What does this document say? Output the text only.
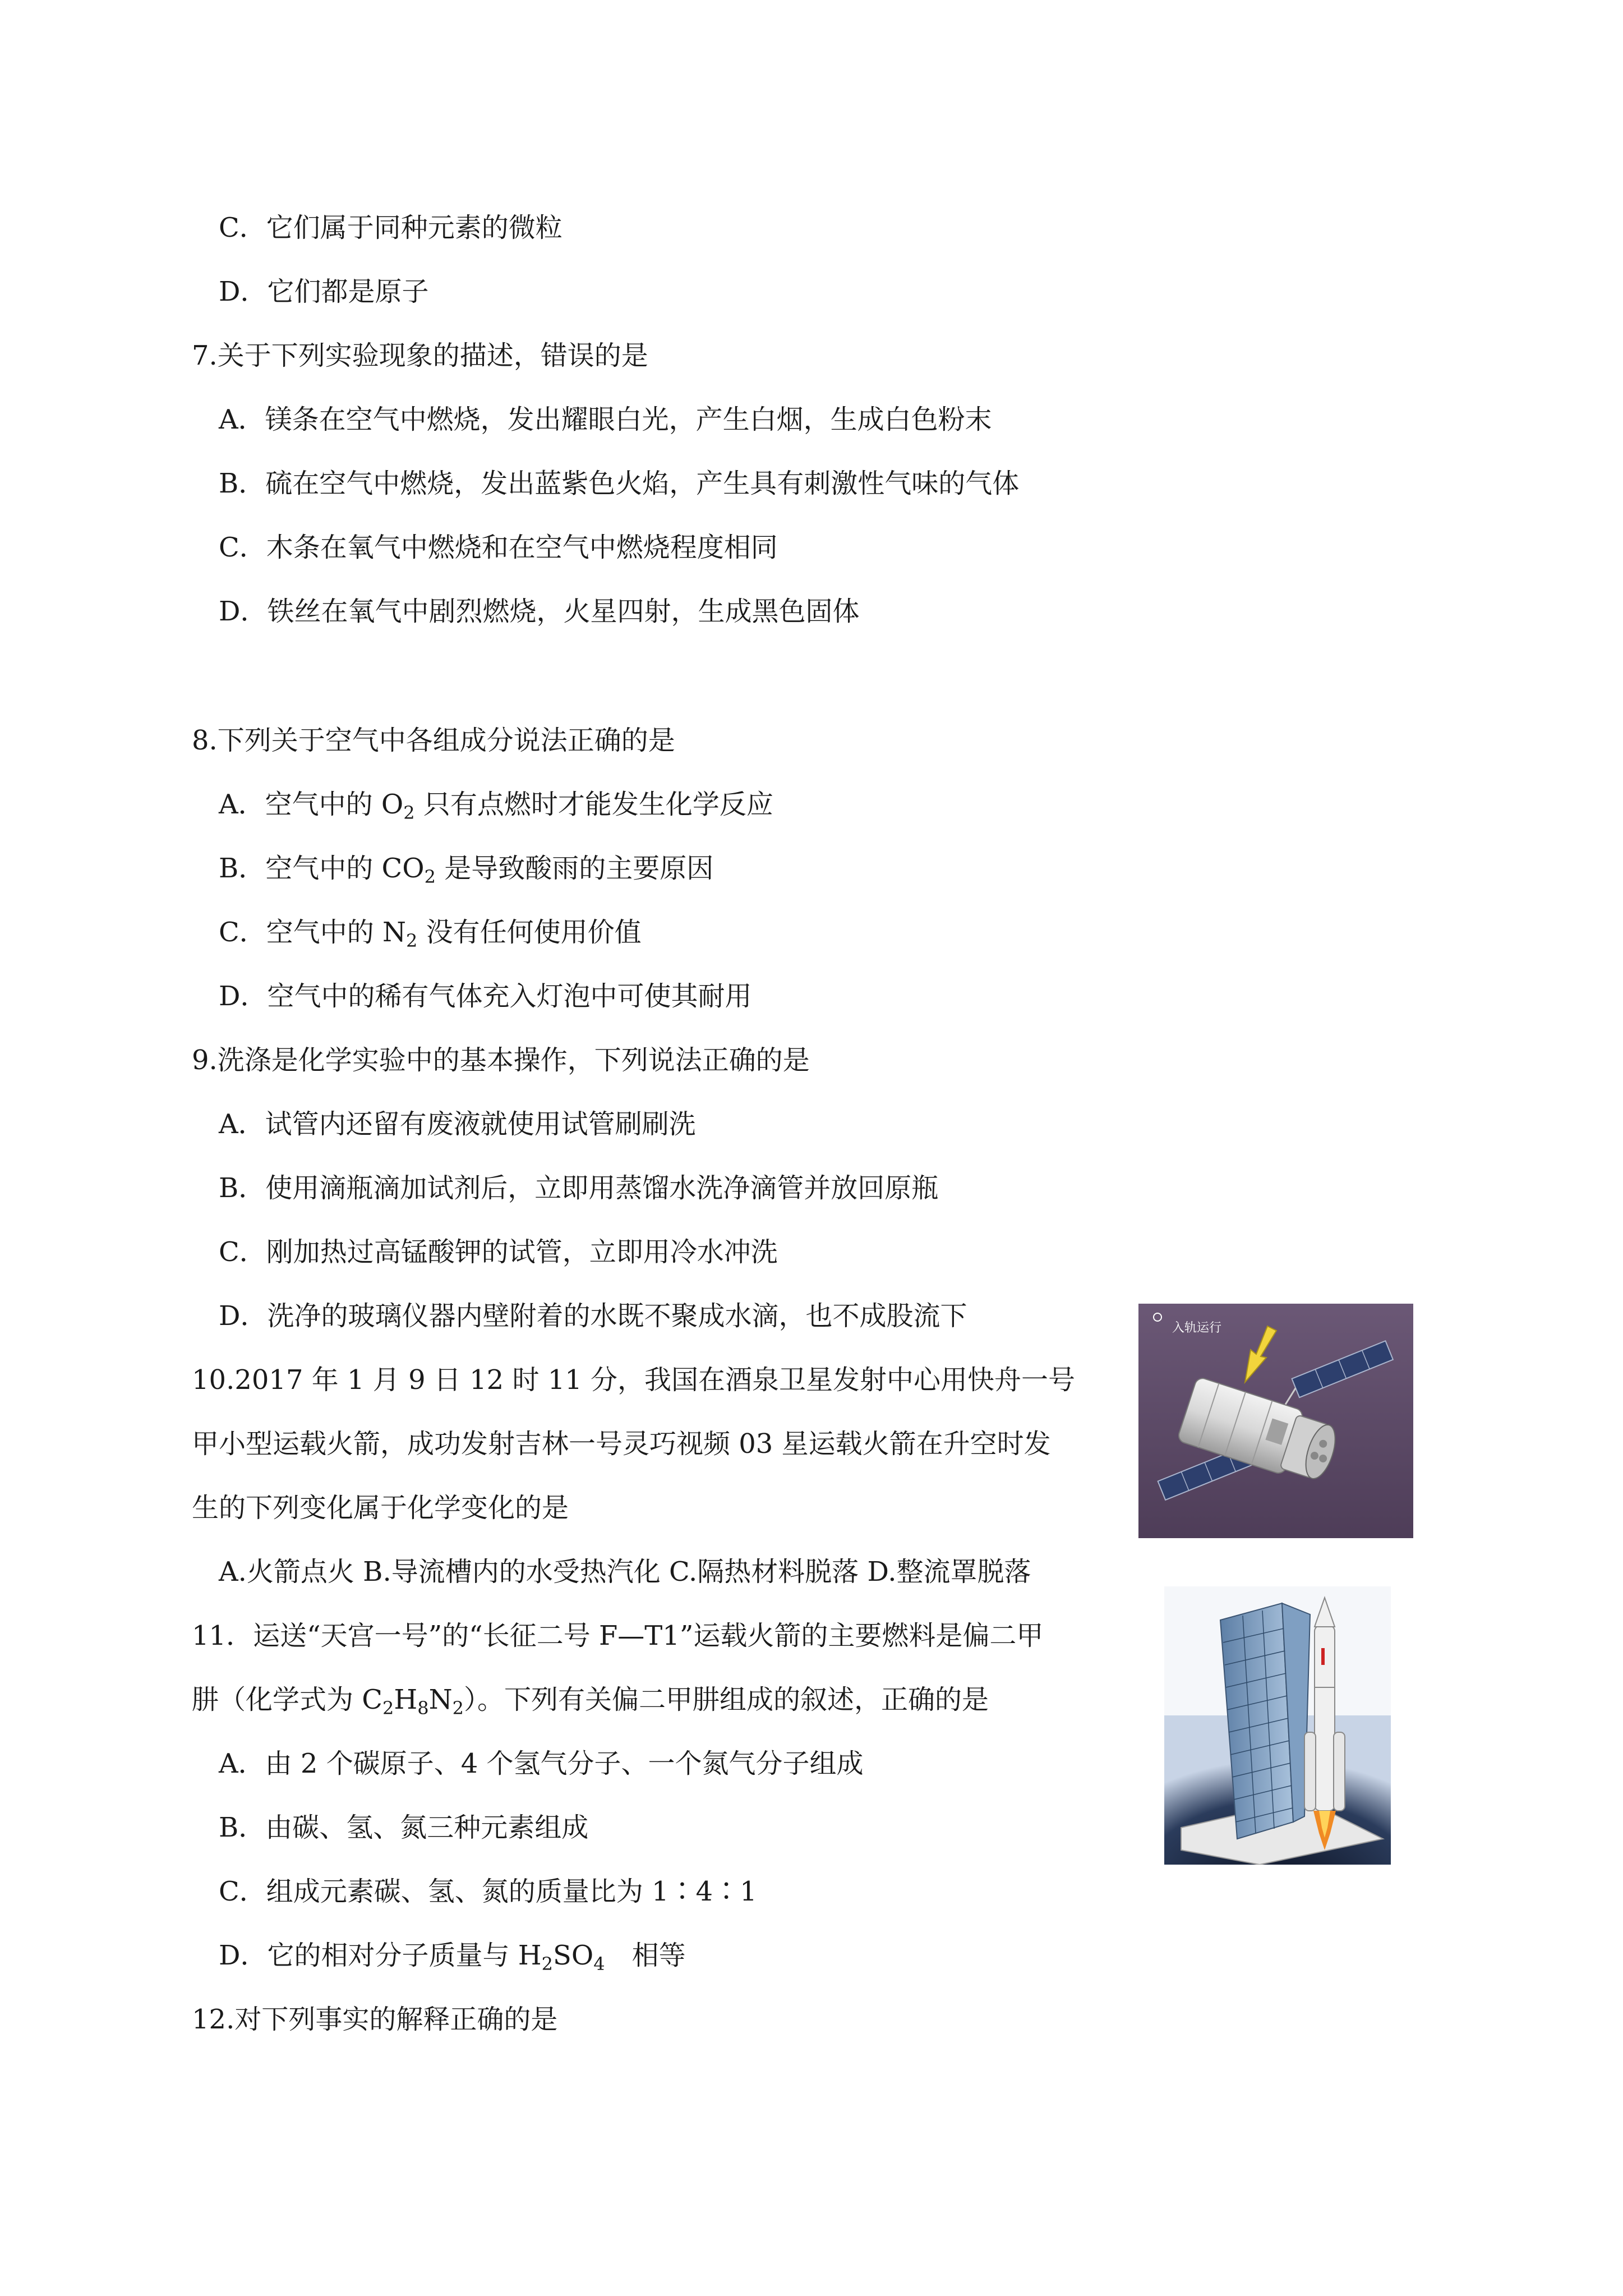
C．它们属于同种元素的微粒
D．它们都是原子
7.关于下列实验现象的描述，错误的是
A．镁条在空气中燃烧，发出耀眼白光，产生白烟，生成白色粉末
B．硫在空气中燃烧，发出蓝紫色火焰，产生具有刺激性气味的气体
C．木条在氧气中燃烧和在空气中燃烧程度相同
D．铁丝在氧气中剧烈燃烧，火星四射，生成黑色固体
8.下列关于空气中各组成分说法正确的是
A．空气中的 $O_2$ 只有点燃时才能发生化学反应
B．空气中的 $CO_2$ 是导致酸雨的主要原因
C．空气中的 $N_2$ 没有任何使用价值
D．空气中的稀有气体充入灯泡中可使其耐用
9.洗涤是化学实验中的基本操作，下列说法正确的是
A．试管内还留有废液就使用试管刷刷洗
B．使用滴瓶滴加试剂后，立即用蒸馏水洗净滴管并放回原瓶
C．刚加热过高锰酸钾的试管，立即用冷水冲洗
D．洗净的玻璃仪器内壁附着的水既不聚成水滴，也不成股流下
10.2017 年 1 月 9 日 12 时 11 分，我国在酒泉卫星发射中心用快舟一号
甲小型运载火箭，成功发射吉林一号灵巧视频 03 星运载火箭在升空时发
生的下列变化属于化学变化的是
A.火箭点火 B.导流槽内的水受热汽化 C.隔热材料脱落 D.整流罩脱落
入轨运行
11．运送“天宫一号”的“长征二号 F—T1”运载火箭的主要燃料是偏二甲
肼（化学式为 $C_2H_8N_2$）。下列有关偏二甲肼组成的叙述，正确的是
A．由 2 个碳原子、4 个氢气分子、一个氮气分子组成
B．由碳、氢、氮三种元素组成
C．组成元素碳、氢、氮的质量比为 1∶4∶1
D．它的相对分子质量与 $H_2SO_4$　相等
12.对下列事实的解释正确的是
